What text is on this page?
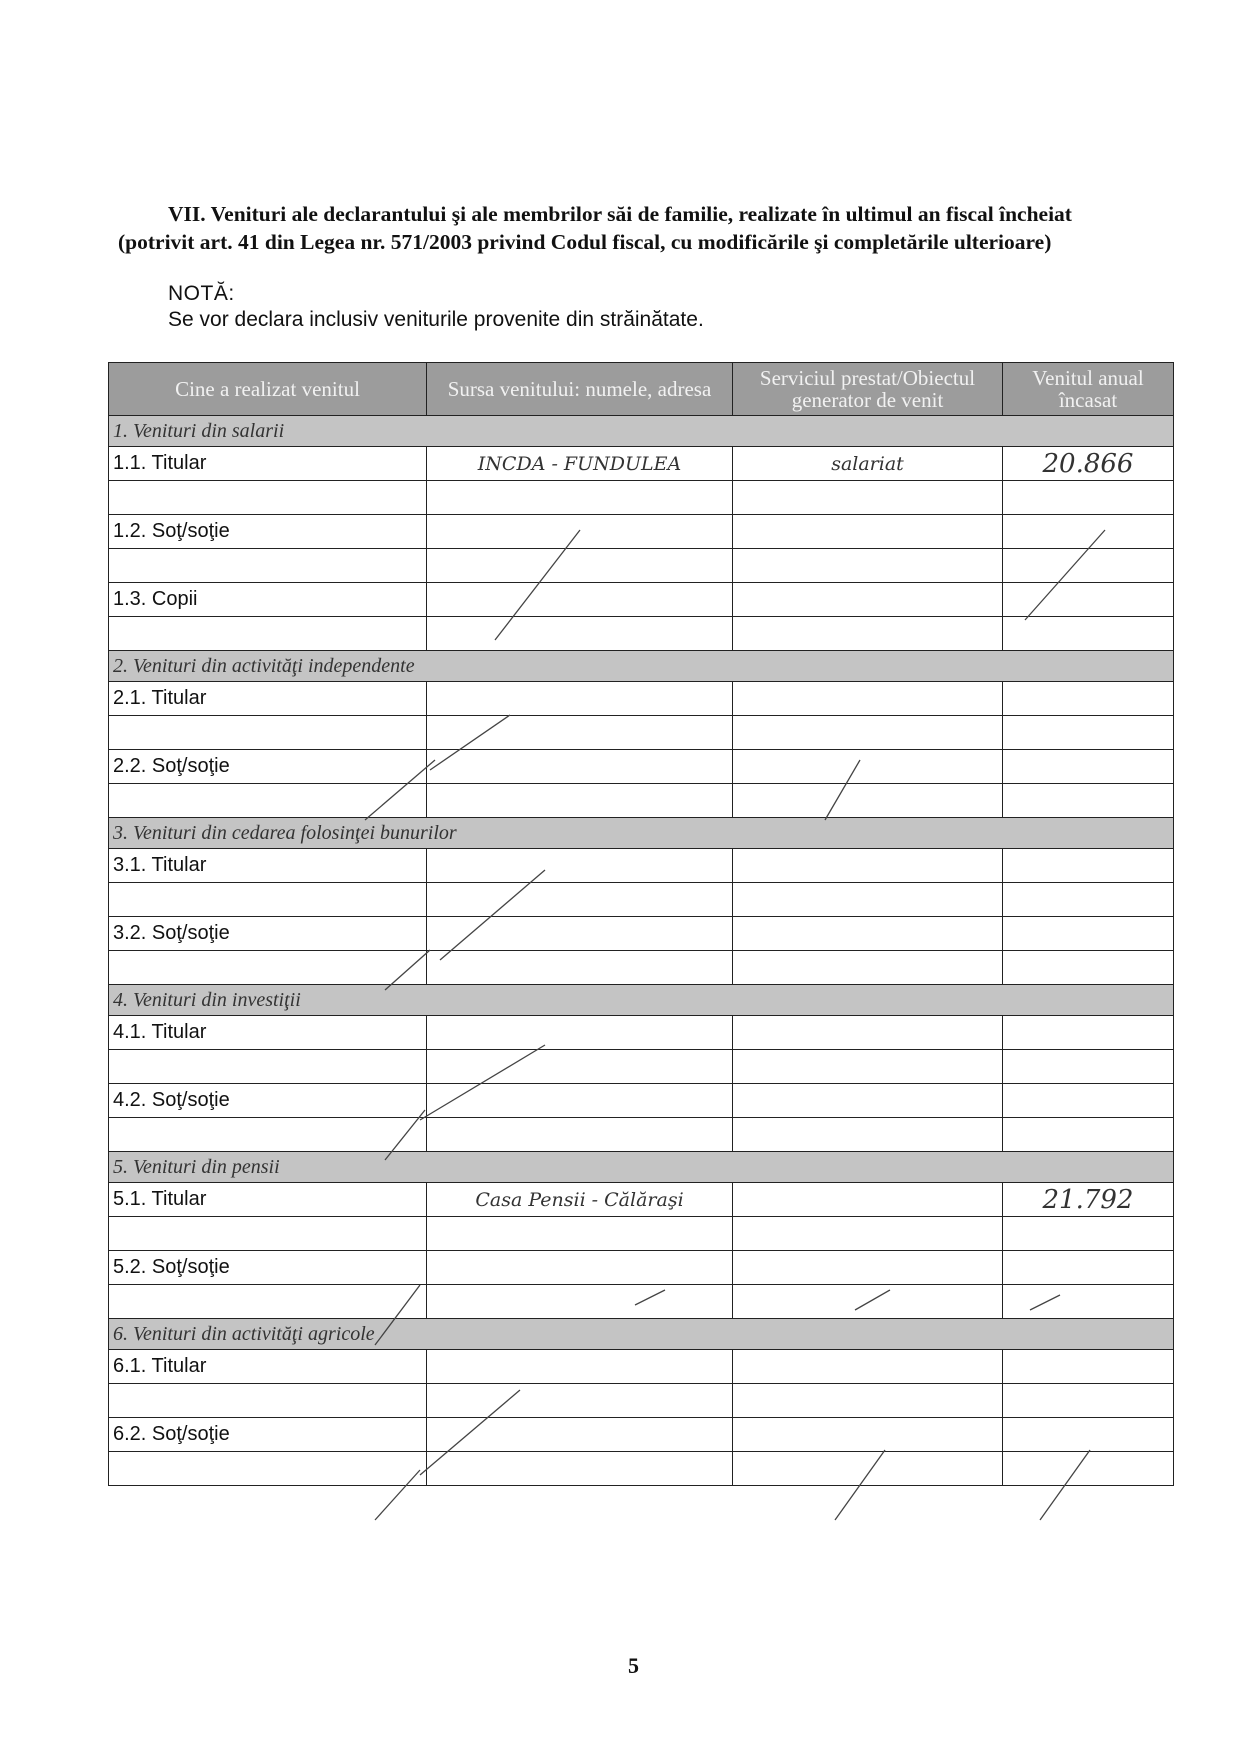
VII. Venituri ale declarantului şi ale membrilor săi de familie, realizate în ultimul an fiscal încheiat
(potrivit art. 41 din Legea nr. 571/2003 privind Codul fiscal, cu modificările şi completările ulterioare)
NOTĂ:
Se vor declara inclusiv veniturile provenite din străinătate.
Cine a realizat venitul	Sursa venitului: numele, adresa	Serviciul prestat/Obiectul generator de venit	Venitul anual încasat
1. Venituri din salarii			
1.1. Titular	INCDA - FUNDULEA	salariat	20.866

1.2. Soţ/soţie			

1.3. Copii			

2. Venituri din activităţi independente			
2.1. Titular			

2.2. Soţ/soţie			

3. Venituri din cedarea folosinţei bunurilor			
3.1. Titular			

3.2. Soţ/soţie			

4. Venituri din investiţii			
4.1. Titular			

4.2. Soţ/soţie			

5. Venituri din pensii			
5.1. Titular	Casa Pensii - Călăraşi		21.792

5.2. Soţ/soţie			

6. Venituri din activităţi agricole			
6.1. Titular			

6.2. Soţ/soţie			

5
